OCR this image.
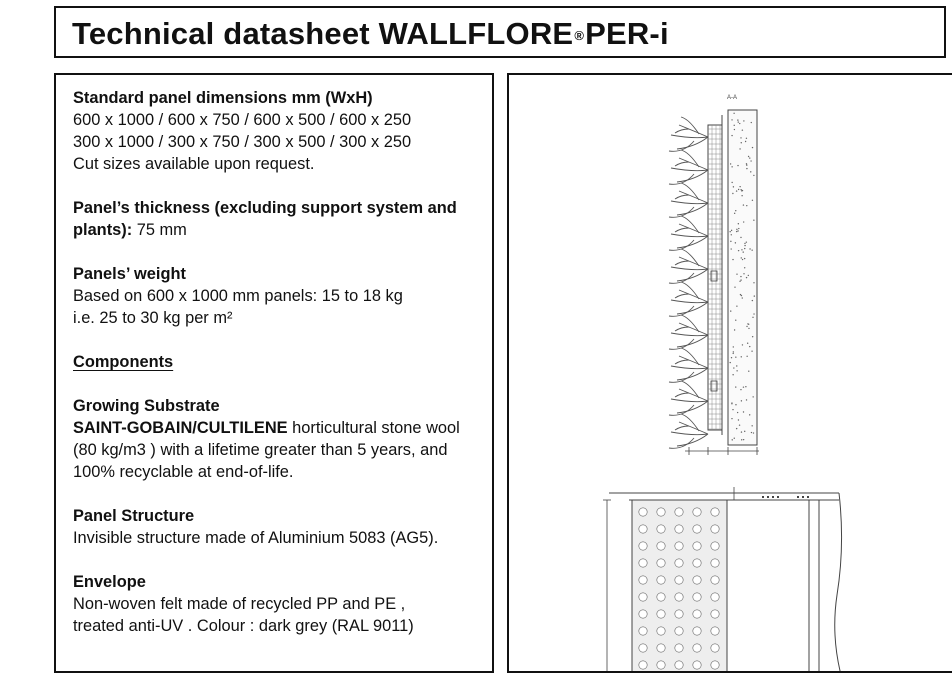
Technical datasheet WALLFLORE®PER-i
Standard panel dimensions mm (WxH)
600 x 1000 / 600 x 750 / 600 x 500 / 600 x 250
300 x 1000 / 300 x 750 / 300 x 500 / 300 x 250
Cut sizes available upon request.
Panel’s thickness (excluding support system and plants): 75 mm
Panels’ weight
Based on 600 x 1000 mm panels: 15 to 18 kg
i.e. 25 to 30 kg per m²
Components
Growing Substrate
SAINT-GOBAIN/CULTILENE horticultural stone wool (80 kg/m3 ) with a lifetime greater than 5 years, and 100% recyclable at end-of-life.
Panel Structure
Invisible structure made of Aluminium 5083 (AG5).
Envelope
Non-woven felt made of recycled PP and PE ,
treated anti-UV . Colour : dark grey (RAL 9011)
A-A
